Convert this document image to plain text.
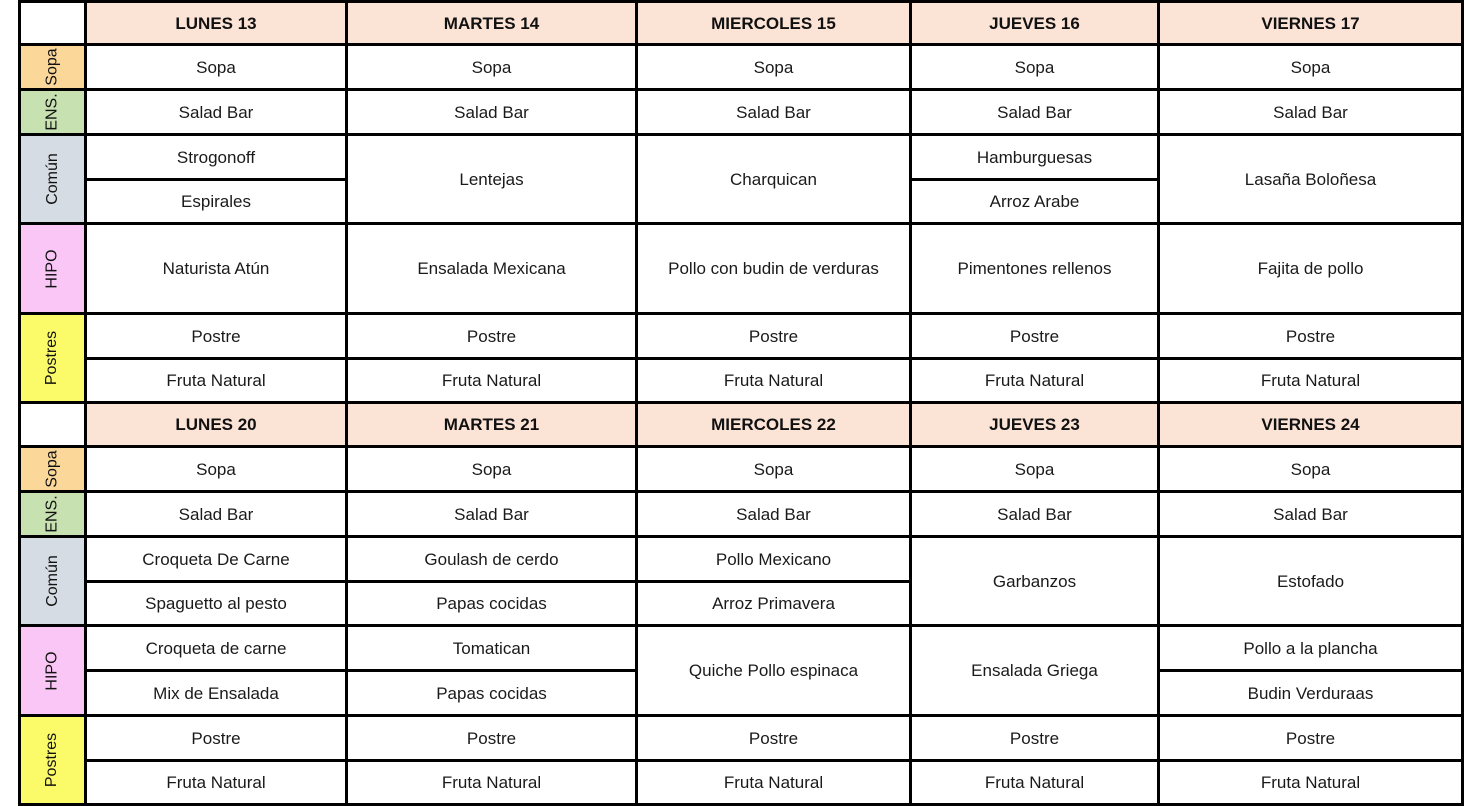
Sopa
ENS.
Común
HIPO
Postres
LUNES 13
Sopa
Salad Bar
Strogonoff
Espirales
Naturista Atún
Postre
Fruta Natural
MARTES 14
Sopa
Salad Bar
Lentejas
Ensalada Mexicana
Postre
Fruta Natural
MIERCOLES 15
Sopa
Salad Bar
Charquican
Pollo con budin de verduras
Postre
Fruta Natural
JUEVES 16
Sopa
Salad Bar
Hamburguesas
Arroz Arabe
Pimentones rellenos
Postre
Fruta Natural
VIERNES 17
Sopa
Salad Bar
Lasaña Boloñesa
Fajita de pollo
Postre
Fruta Natural
Sopa
ENS.
Común
HIPO
Postres
LUNES 20
Sopa
Salad Bar
Croqueta De Carne
Spaguetto al pesto
Croqueta de carne
Mix de Ensalada
Postre
Fruta Natural
MARTES 21
Sopa
Salad Bar
Goulash de cerdo
Papas cocidas
Tomatican
Papas cocidas
Postre
Fruta Natural
MIERCOLES 22
Sopa
Salad Bar
Pollo Mexicano
Arroz Primavera
Quiche Pollo espinaca
Postre
Fruta Natural
JUEVES 23
Sopa
Salad Bar
Garbanzos
Ensalada Griega
Postre
Fruta Natural
VIERNES 24
Sopa
Salad Bar
Estofado
Pollo a la plancha
Budin Verduraas
Postre
Fruta Natural
